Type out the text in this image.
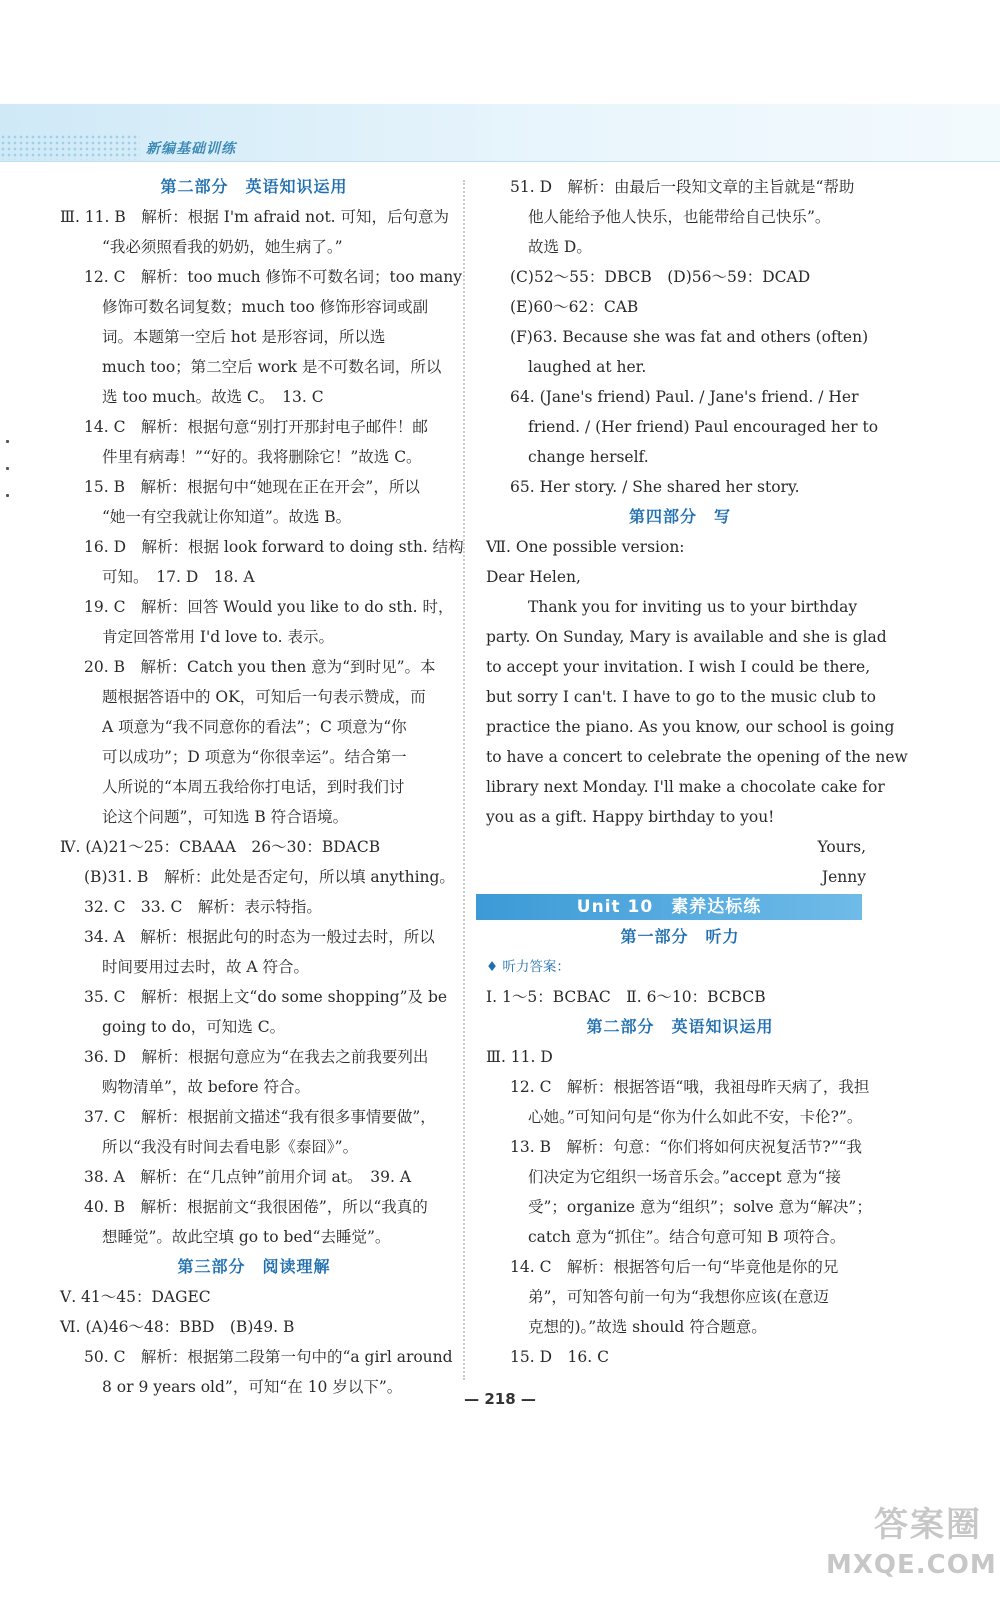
新编基础训练
第二部分　英语知识运用
Ⅲ. 11. B　解析：根据 I'm afraid not. 可知，后句意为
“我必须照看我的奶奶，她生病了。”
12. C　解析：too much 修饰不可数名词；too many
修饰可数名词复数；much too 修饰形容词或副
词。本题第一空后 hot 是形容词，所以选
much too；第二空后 work 是不可数名词，所以
选 too much。故选 C。　13. C
14. C　解析：根据句意“别打开那封电子邮件！邮
件里有病毒！”“好的。我将删除它！”故选 C。
15. B　解析：根据句中“她现在正在开会”，所以
“她一有空我就让你知道”。故选 B。
16. D　解析：根据 look forward to doing sth. 结构
可知。　17. D　18. A
19. C　解析：回答 Would you like to do sth. 时，
肯定回答常用 I'd love to. 表示。
20. B　解析：Catch you then 意为“到时见”。本
题根据答语中的 OK，可知后一句表示赞成，而
A 项意为“我不同意你的看法”；C 项意为“你
可以成功”；D 项意为“你很幸运”。结合第一
人所说的“本周五我给你打电话，到时我们讨
论这个问题”，可知选 B 符合语境。
Ⅳ. (A)21～25：CBAAA　26～30：BDACB
(B)31. B　解析：此处是否定句，所以填 anything。
32. C　33. C　解析：表示特指。
34. A　解析：根据此句的时态为一般过去时，所以
时间要用过去时，故 A 符合。
35. C　解析：根据上文“do some shopping”及 be
going to do，可知选 C。
36. D　解析：根据句意应为“在我去之前我要列出
购物清单”，故 before 符合。
37. C　解析：根据前文描述“我有很多事情要做”，
所以“我没有时间去看电影《泰囧》”。
38. A　解析：在“几点钟”前用介词 at。　39. A
40. B　解析：根据前文“我很困倦”，所以“我真的
想睡觉”。故此空填 go to bed“去睡觉”。
第三部分　阅读理解
Ⅴ. 41～45：DAGEC
Ⅵ. (A)46～48：BBD　(B)49. B
50. C　解析：根据第二段第一句中的“a girl around
8 or 9 years old”，可知“在 10 岁以下”。
51. D　解析：由最后一段知文章的主旨就是“帮助
他人能给予他人快乐，也能带给自己快乐”。
故选 D。
(C)52～55：DBCB　(D)56～59：DCAD
(E)60～62：CAB
(F)63. Because she was fat and others (often)
laughed at her.
64. (Jane's friend) Paul. / Jane's friend. / Her
friend. / (Her friend) Paul encouraged her to
change herself.
65. Her story. / She shared her story.
第四部分　写
Ⅶ. One possible version:
Dear Helen,
Thank you for inviting us to your birthday
party. On Sunday, Mary is available and she is glad
to accept your invitation. I wish I could be there,
but sorry I can't. I have to go to the music club to
practice the piano. As you know, our school is going
to have a concert to celebrate the opening of the new
library next Monday. I'll make a chocolate cake for
you as a gift. Happy birthday to you!
Yours,
Jenny
Unit 10　素养达标练
第一部分　听力
♦ 听力答案：
Ⅰ. 1～5：BCBAC　Ⅱ. 6～10：BCBCB
第二部分　英语知识运用
Ⅲ. 11. D
12. C　解析：根据答语“哦，我祖母昨天病了，我担
心她。”可知问句是“你为什么如此不安，卡伦?”。
13. B　解析：句意：“你们将如何庆祝复活节?”“我
们决定为它组织一场音乐会。”accept 意为“接
受”；organize 意为“组织”；solve 意为“解决”；
catch 意为“抓住”。结合句意可知 B 项符合。
14. C　解析：根据答句后一句“毕竟他是你的兄
弟”，可知答句前一句为“我想你应该(在意迈
克想的)。”故选 should 符合题意。
15. D　16. C
— 218 —
答案圈
MXQE.COM
